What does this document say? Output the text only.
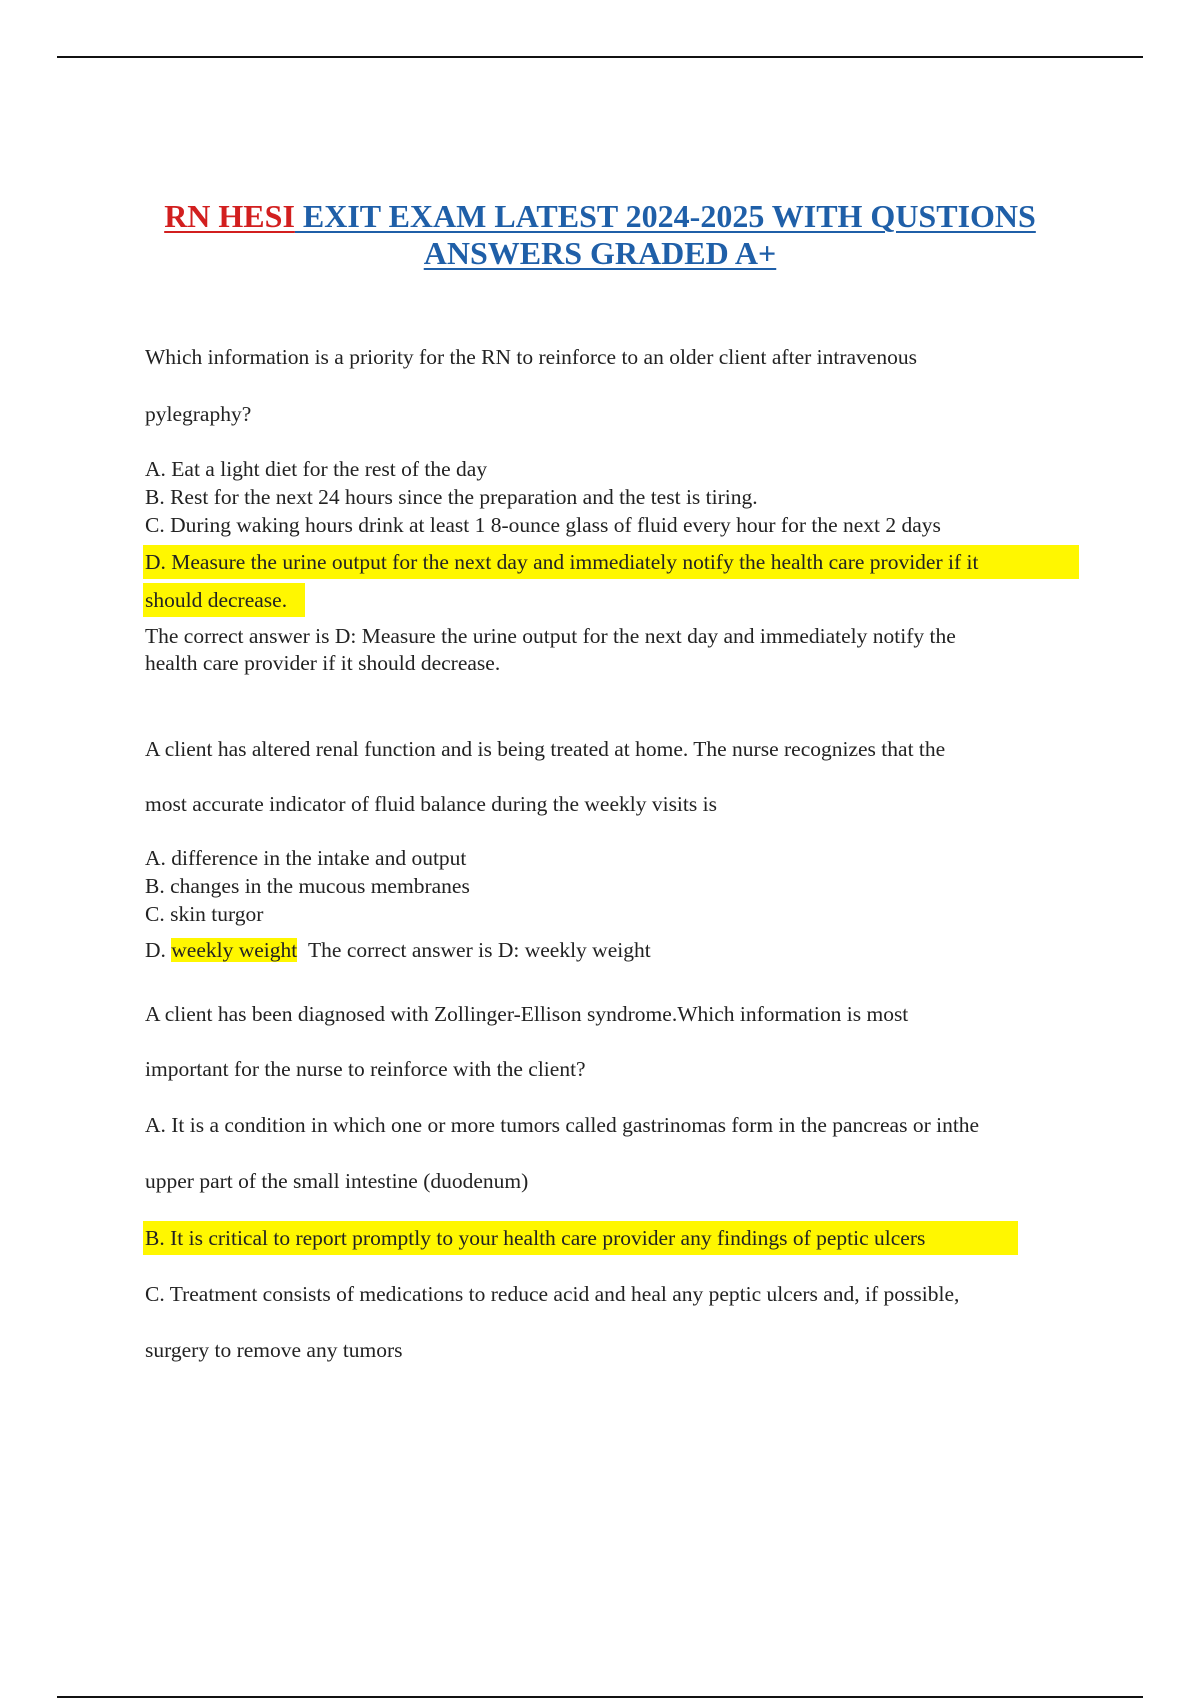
RN HESI EXIT EXAM LATEST 2024-2025 WITH QUSTIONS
ANSWERS GRADED A+
Which information is a priority for the RN to reinforce to an older client after intravenous
pylegraphy?
A. Eat a light diet for the rest of the day
B. Rest for the next 24 hours since the preparation and the test is tiring.
C. During waking hours drink at least 1 8-ounce glass of fluid every hour for the next 2 days
D. Measure the urine output for the next day and immediately notify the health care provider if it
should decrease.
The correct answer is D: Measure the urine output for the next day and immediately notify the
health care provider if it should decrease.
A client has altered renal function and is being treated at home. The nurse recognizes that the
most accurate indicator of fluid balance during the weekly visits is
A. difference in the intake and output
B. changes in the mucous membranes
C. skin turgor
D. weekly weight The correct answer is D: weekly weight
A client has been diagnosed with Zollinger-Ellison syndrome.Which information is most
important for the nurse to reinforce with the client?
A. It is a condition in which one or more tumors called gastrinomas form in the pancreas or inthe
upper part of the small intestine (duodenum)
B. It is critical to report promptly to your health care provider any findings of peptic ulcers
C. Treatment consists of medications to reduce acid and heal any peptic ulcers and, if possible,
surgery to remove any tumors
